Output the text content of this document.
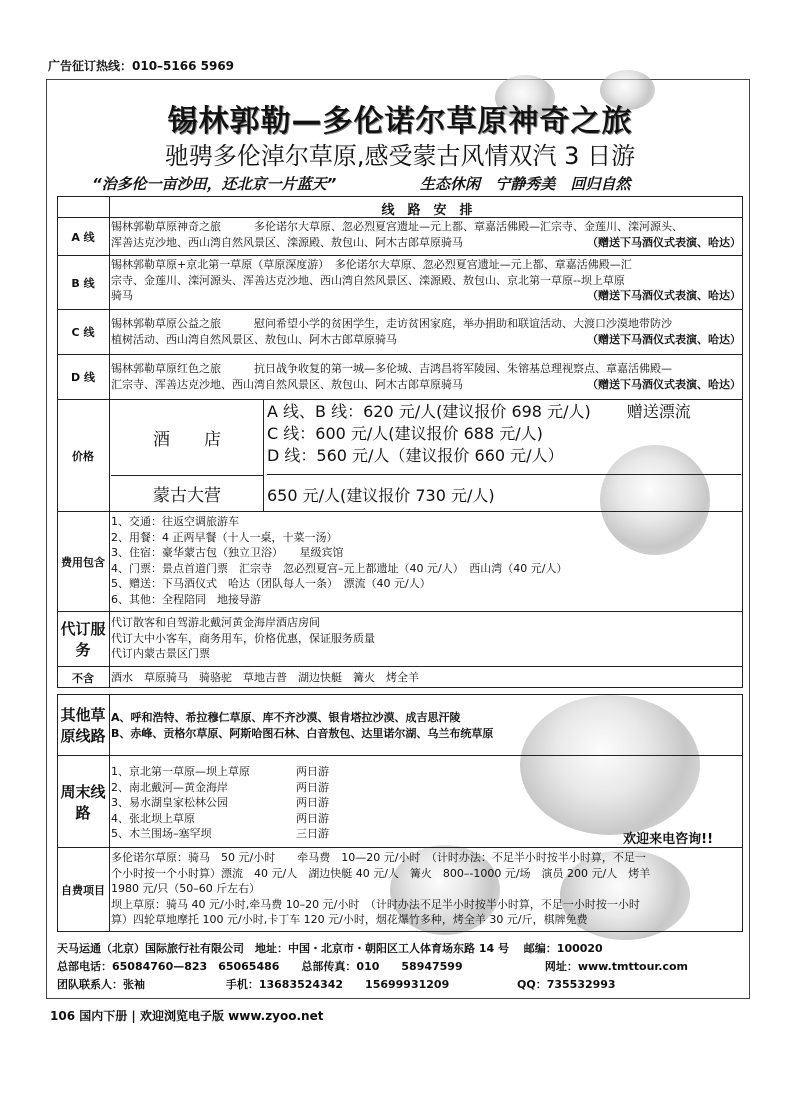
广告征订热线：010–5166 5969
锡林郭勒—多伦诺尔草原神奇之旅
驰骋多伦淖尔草原,感受蒙古风情双汽 3 日游
“治多伦一亩沙田，还北京一片蓝天”	生态休闲 宁静秀美 回归自然
线　路　安　排
A 线
锡林郭勒草原神奇之旅　　　多伦诺尔大草原、忽必烈夏宫遗址—元上都、章嘉活佛殿—汇宗寺、金莲川、滦河源头、
浑善达克沙地、西山湾自然风景区、滦源殿、敖包山、阿木古郎草原骑马	（赠送下马酒仪式表演、哈达）
B 线
锡林郭勒草原+京北第一草原（草原深度游）　多伦诺尔大草原、忽必烈夏宫遗址—元上都、章嘉活佛殿—汇
宗寺、金莲川、滦河源头、浑善达克沙地、西山湾自然风景区、滦源殿、敖包山、京北第一草原--坝上草原
骑马	（赠送下马酒仪式表演、哈达）
C 线
锡林郭勒草原公益之旅　　　慰问希望小学的贫困学生，走访贫困家庭，举办捐助和联谊活动、大渡口沙漠地带防沙
植树活动、西山湾自然风景区、敖包山、阿木古郎草原骑马	（赠送下马酒仪式表演、哈达）
D 线
锡林郭勒草原红色之旅　　　抗日战争收复的第一城—多伦城、吉鸿昌将军陵园、朱镕基总理视察点、章嘉活佛殿—
汇宗寺、浑善达克沙地、西山湾自然风景区、敖包山、阿木古郎草原骑马	（赠送下马酒仪式表演、哈达）
价格
酒　　店
A 线、B 线：620 元/人(建议报价 698 元/人) 赠送漂流
C 线：600 元/人(建议报价 688 元/人)
D 线：560 元/人（建议报价 660 元/人）
蒙古大营	650 元/人(建议报价 730 元/人)
费用包含
1、交通：往返空调旅游车
2、用餐：4 正两早餐（十人一桌，十菜一汤）
3、住宿：豪华蒙古包（独立卫浴）　　星级宾馆
4、门票：景点首道门票　汇宗寺　忽必烈夏宫–元上都遗址（40 元/人）　西山湾（40 元/人）
5、赠送：下马酒仪式　哈达（团队每人一条）　漂流（40 元/人）
6、其他：全程陪同　地接导游
代订服务
代订散客和自驾游北戴河黄金海岸酒店房间
代订大中小客车，商务用车，价格优惠，保证服务质量
代订内蒙古景区门票
不含	酒水　草原骑马　骑骆驼　草地吉普　湖边快艇　篝火　烤全羊
其他草原线路
A、呼和浩特、希拉穆仁草原、库不齐沙漠、银肯塔拉沙漠、成吉思汗陵
B、赤峰、贡格尔草原、阿斯哈图石林、白音敖包、达里诺尔湖、乌兰布统草原
周末线路
1、京北第一草原—坝上草原	两日游
2、南北戴河—黄金海岸	两日游
3、易水湖皇家松林公园	两日游
4、张北坝上草原	两日游
5、木兰围场–塞罕坝	三日游	欢迎来电咨询!!
自费项目
多伦诺尔草原：骑马　50 元/小时　　牵马费　10—20 元/小时　（计时办法：不足半小时按半小时算，不足一
个小时按一个小时算）漂流　40 元/人　湖边快艇 40 元/人　篝火　800–-1000 元/场　演员 200 元/人　烤羊
1980 元/只（50–60 斤左右）
坝上草原：骑马 40 元/小时,牵马费 10–20 元/小时　（计时办法不足半小时按半小时算，不足一小时按一小时
算）四轮草地摩托 100 元/小时,卡丁车 120 元/小时，烟花爆竹多种，烤全羊 30 元/斤，棋牌免费
天马运通（北京）国际旅行社有限公司　地址：中国・北京市・朝阳区工人体育场东路 14 号　 邮编：100020
总部电话：65084760—823　65065486　　总部传真：010　　58947599	网址：www.tmttour.com
团队联系人：张袖	手机：13683524342　　15699931209	QQ：735532993
106 国内下册 | 欢迎浏览电子版 www.zyoo.net
